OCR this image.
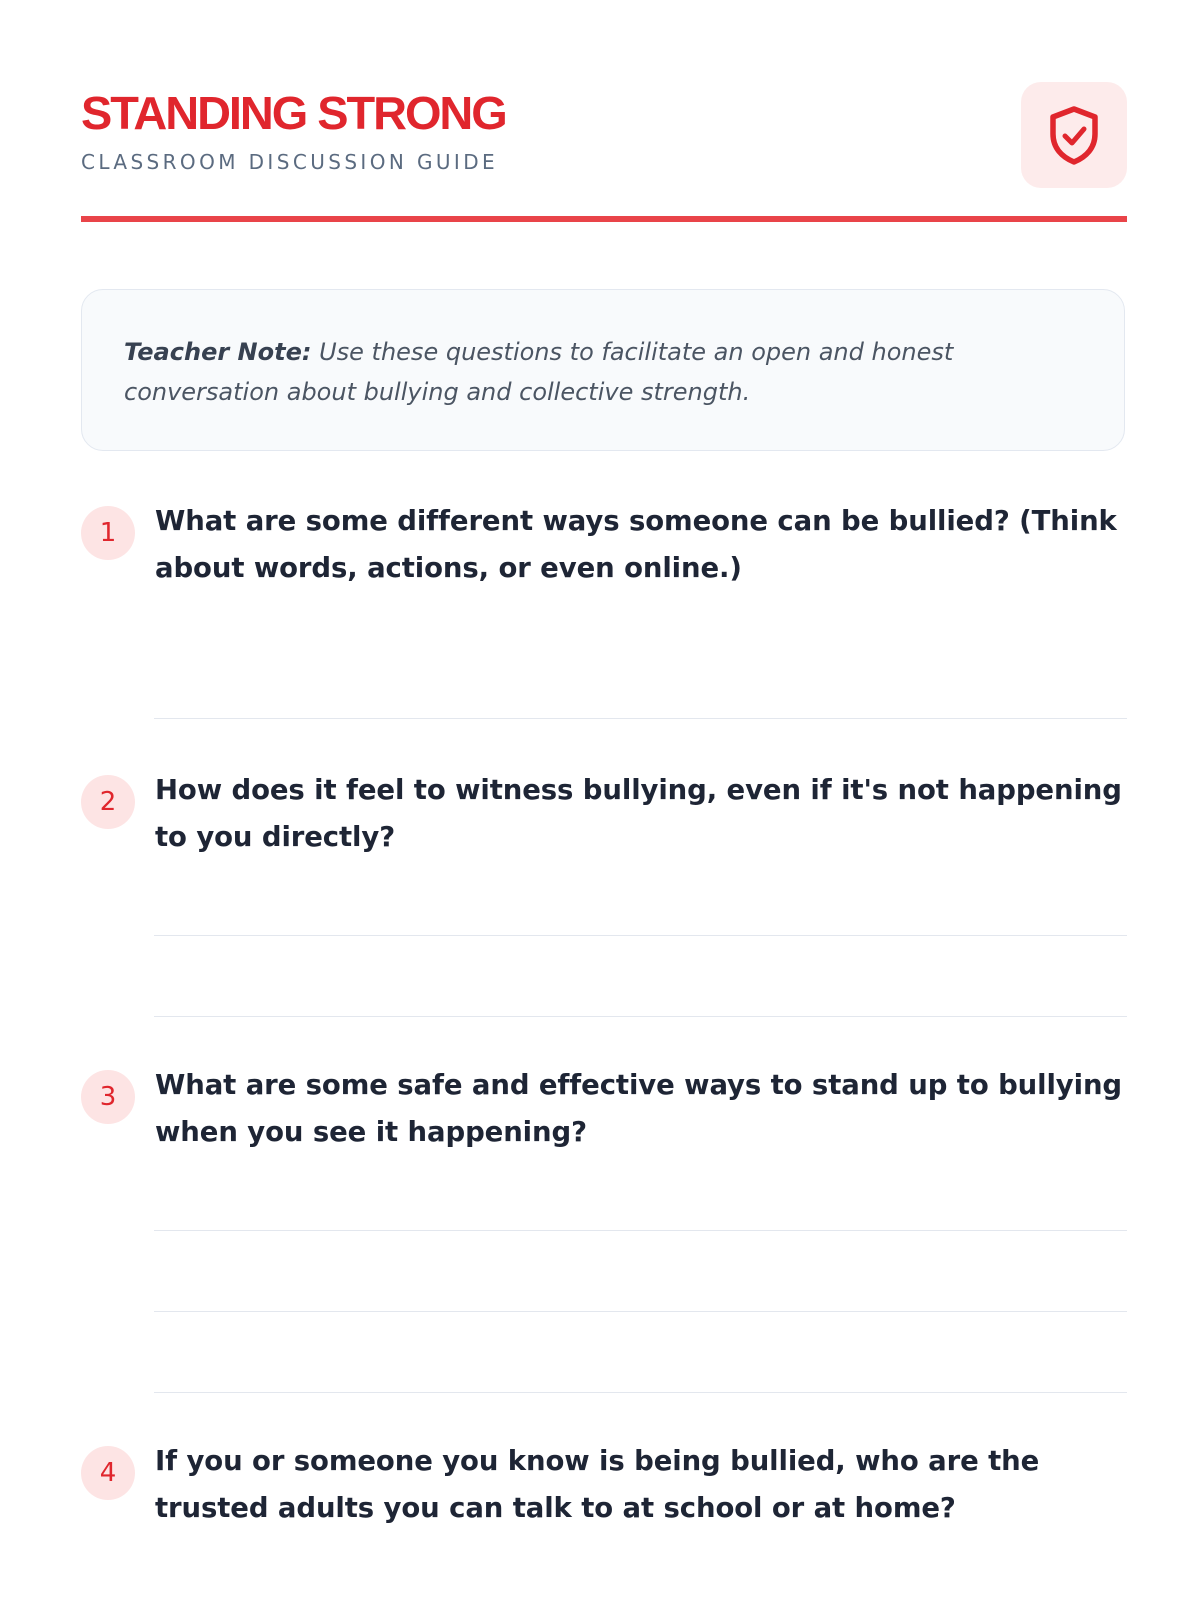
STANDING STRONG

CLASSROOM DISCUSSION GUIDE

Teacher Note: Use these questions to facilitate an open and honest conversation about bullying and collective strength.
1	What are some different ways someone can be bullied? (Think about words, actions, or even online.)

2	How does it feel to witness bullying, even if it's not happening to you directly?

3	What are some safe and effective ways to stand up to bullying when you see it happening?

4	If you or someone you know is being bullied, who are the trusted adults you can talk to at school or at home?
